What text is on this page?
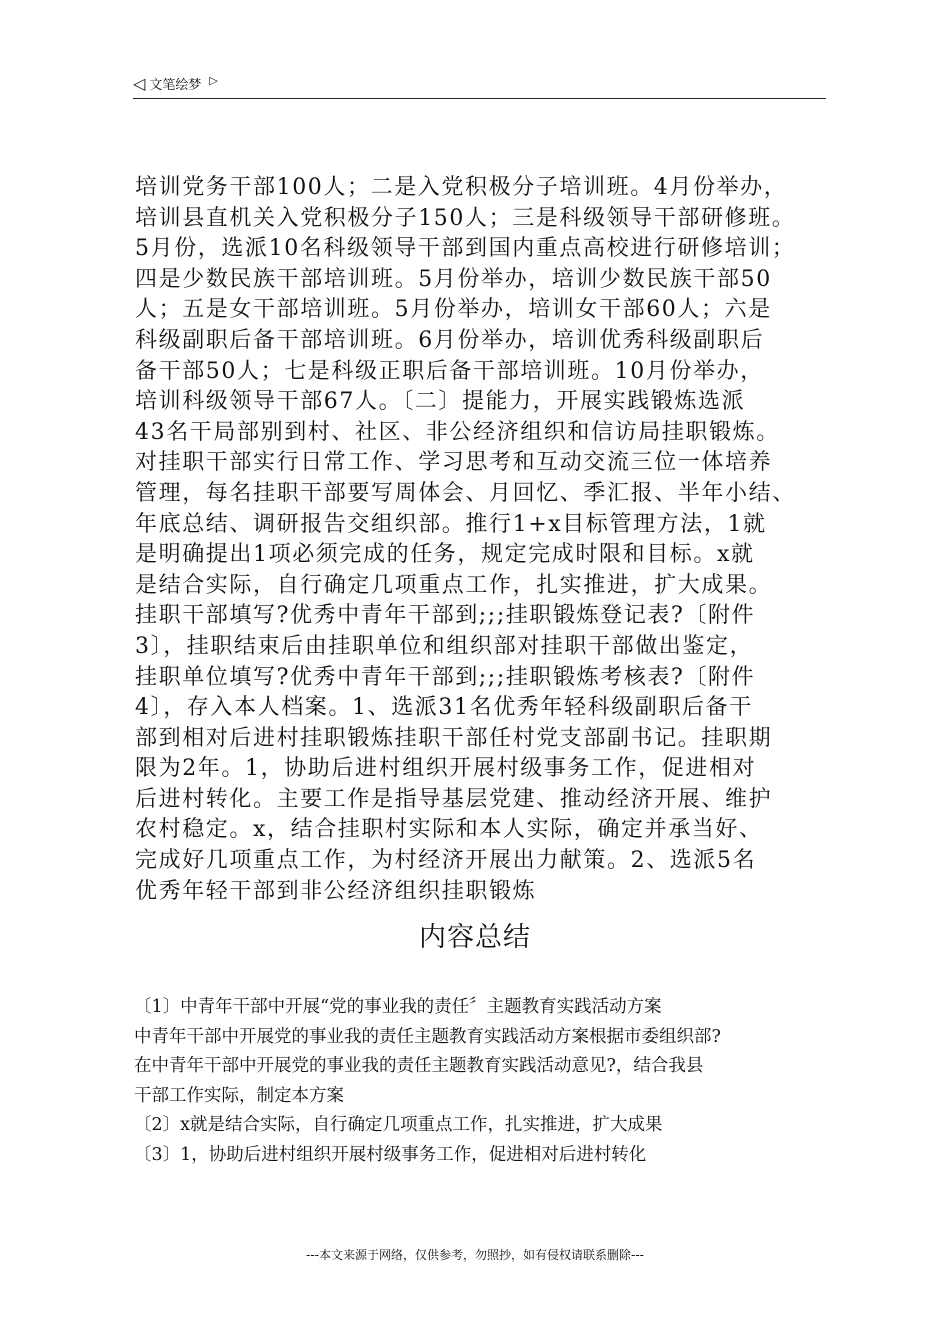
◁ 文笔绘梦 ▷
培训党务干部100人；二是入党积极分子培训班。4月份举办，
培训县直机关入党积极分子150人；三是科级领导干部研修班。
5月份，选派10名科级领导干部到国内重点高校进行研修培训；
四是少数民族干部培训班。5月份举办，培训少数民族干部50
人；五是女干部培训班。5月份举办，培训女干部60人；六是
科级副职后备干部培训班。6月份举办，培训优秀科级副职后
备干部50人；七是科级正职后备干部培训班。10月份举办，
培训科级领导干部67人。〔二〕提能力，开展实践锻炼选派
43名干局部别到村、社区、非公经济组织和信访局挂职锻炼。
对挂职干部实行日常工作、学习思考和互动交流三位一体培养
管理，每名挂职干部要写周体会、月回忆、季汇报、半年小结、
年底总结、调研报告交组织部。推行1+x目标管理方法，1就
是明确提出1项必须完成的任务，规定完成时限和目标。x就
是结合实际，自行确定几项重点工作，扎实推进，扩大成果。
挂职干部填写?优秀中青年干部到;;;挂职锻炼登记表?〔附件
3〕，挂职结束后由挂职单位和组织部对挂职干部做出鉴定，
挂职单位填写?优秀中青年干部到;;;挂职锻炼考核表?〔附件
4〕，存入本人档案。1、选派31名优秀年轻科级副职后备干
部到相对后进村挂职锻炼挂职干部任村党支部副书记。挂职期
限为2年。1，协助后进村组织开展村级事务工作，促进相对
后进村转化。主要工作是指导基层党建、推动经济开展、维护
农村稳定。x，结合挂职村实际和本人实际，确定并承当好、
完成好几项重点工作，为村经济开展出力献策。2、选派5名
优秀年轻干部到非公经济组织挂职锻炼
内容总结
〔1〕中青年干部中开展“党的事业我的责任〞主题教育实践活动方案
中青年干部中开展党的事业我的责任主题教育实践活动方案根据市委组织部?
在中青年干部中开展党的事业我的责任主题教育实践活动意见?，结合我县
干部工作实际，制定本方案
〔2〕x就是结合实际，自行确定几项重点工作，扎实推进，扩大成果
〔3〕1，协助后进村组织开展村级事务工作，促进相对后进村转化
---本文来源于网络，仅供参考，勿照抄，如有侵权请联系删除---
